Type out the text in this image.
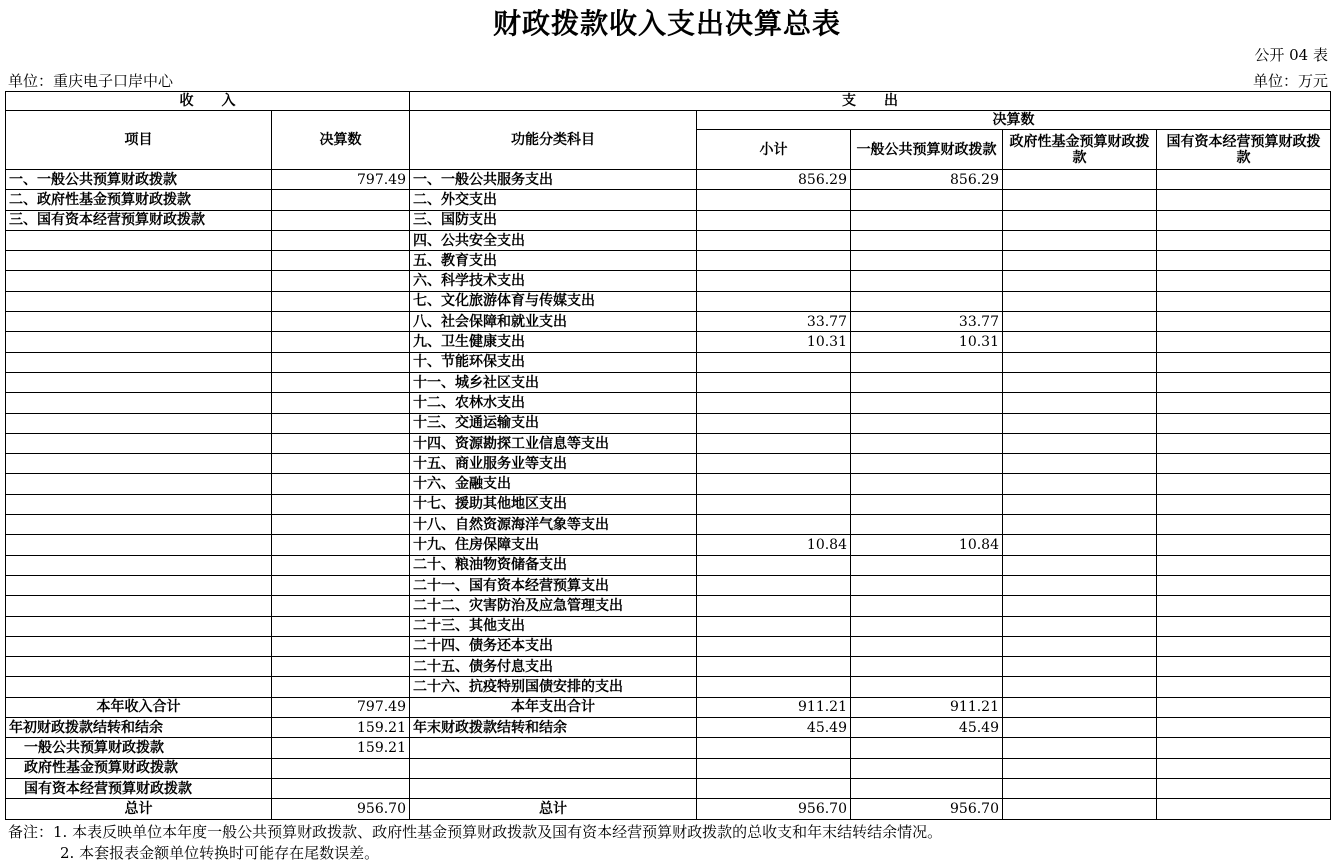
财政拨款收入支出决算总表
公开 04 表
单位：重庆电子口岸中心	单位：万元
收　　入		支　　出				
项目	决算数	功能分类科目	决算数			
			小计	一般公共预算财政拨款	政府性基金预算财政拨款	国有资本经营预算财政拨款
一、一般公共预算财政拨款	797.49	一、一般公共服务支出	856.29	856.29		
二、政府性基金预算财政拨款		二、外交支出				
三、国有资本经营预算财政拨款		三、国防支出				
		四、公共安全支出				
		五、教育支出				
		六、科学技术支出				
		七、文化旅游体育与传媒支出				
		八、社会保障和就业支出	33.77	33.77		
		九、卫生健康支出	10.31	10.31		
		十、节能环保支出				
		十一、城乡社区支出				
		十二、农林水支出				
		十三、交通运输支出				
		十四、资源勘探工业信息等支出				
		十五、商业服务业等支出				
		十六、金融支出				
		十七、援助其他地区支出				
		十八、自然资源海洋气象等支出				
		十九、住房保障支出	10.84	10.84		
		二十、粮油物资储备支出				
		二十一、国有资本经营预算支出				
		二十二、灾害防治及应急管理支出				
		二十三、其他支出				
		二十四、债务还本支出				
		二十五、债务付息支出				
		二十六、抗疫特别国债安排的支出				
本年收入合计	797.49	本年支出合计	911.21	911.21		
年初财政拨款结转和结余	159.21	年末财政拨款结转和结余	45.49	45.49		
一般公共预算财政拨款	159.21					
政府性基金预算财政拨款						
国有资本经营预算财政拨款						
总计	956.70	总计	956.70	956.70		
备注：1. 本表反映单位本年度一般公共预算财政拨款、政府性基金预算财政拨款及国有资本经营预算财政拨款的总收支和年末结转结余情况。
2. 本套报表金额单位转换时可能存在尾数误差。
